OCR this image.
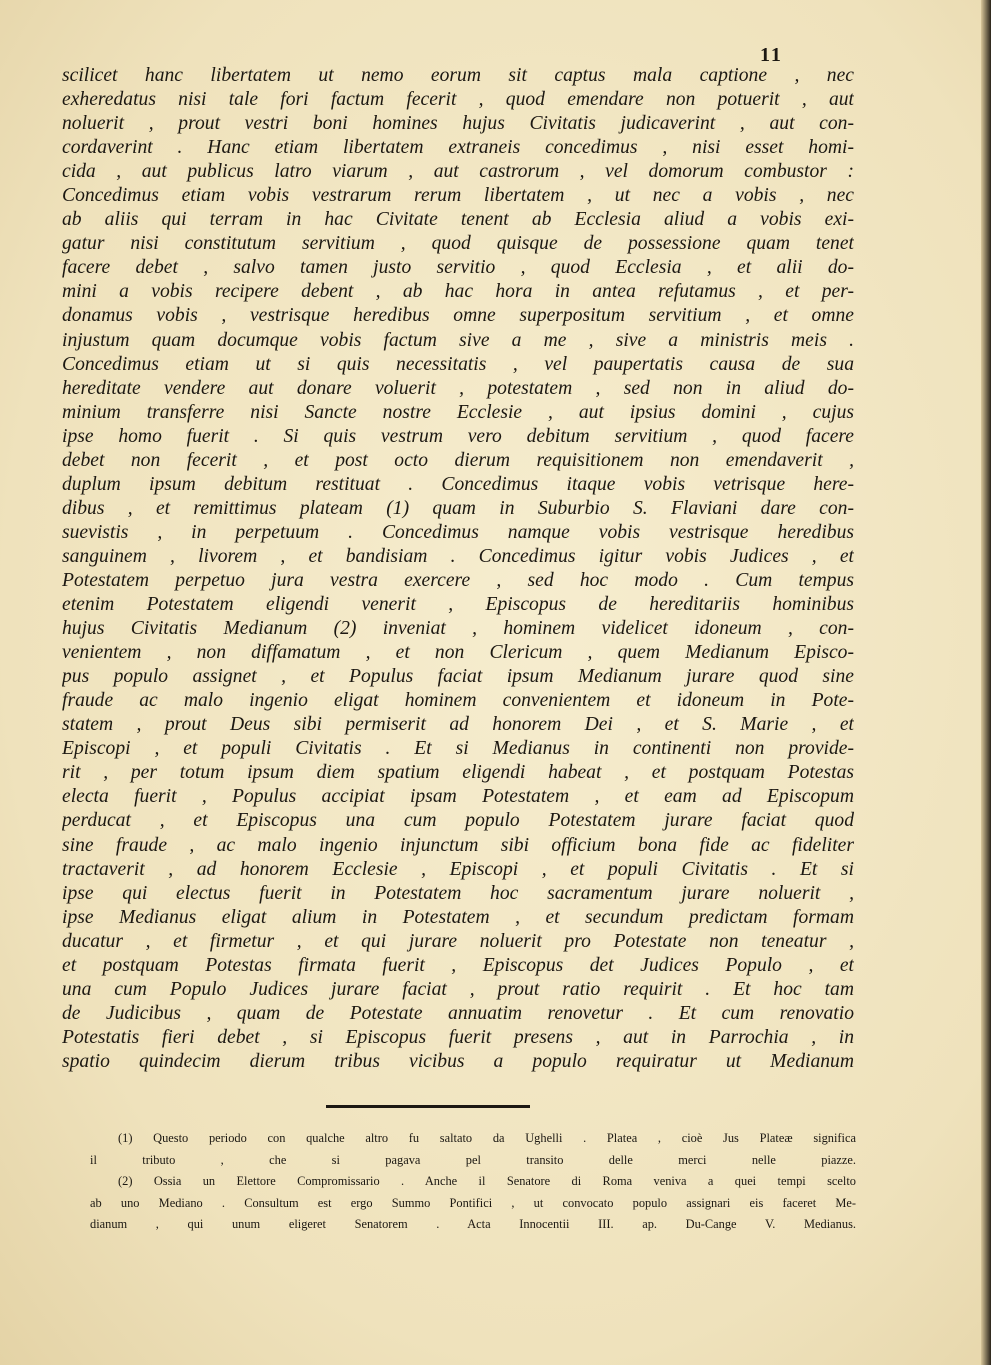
11
scilicet hanc libertatem ut nemo eorum sit captus mala captione , nec
exheredatus nisi tale fori factum fecerit , quod emendare non potuerit , aut
noluerit , prout vestri boni homines hujus Civitatis judicaverint , aut con-
cordaverint . Hanc etiam libertatem extraneis concedimus , nisi esset homi-
cida , aut publicus latro viarum , aut castrorum , vel domorum combustor :
Concedimus etiam vobis vestrarum rerum libertatem , ut nec a vobis , nec
ab aliis qui terram in hac Civitate tenent ab Ecclesia aliud a vobis exi-
gatur nisi constitutum servitium , quod quisque de possessione quam tenet
facere debet , salvo tamen justo servitio , quod Ecclesia , et alii do-
mini a vobis recipere debent , ab hac hora in antea refutamus , et per-
donamus vobis , vestrisque heredibus omne superpositum servitium , et omne
injustum quam documque vobis factum sive a me , sive a ministris meis .
Concedimus etiam ut si quis necessitatis , vel paupertatis causa de sua
hereditate vendere aut donare voluerit , potestatem , sed non in aliud do-
minium transferre nisi Sancte nostre Ecclesie , aut ipsius domini , cujus
ipse homo fuerit . Si quis vestrum vero debitum servitium , quod facere
debet non fecerit , et post octo dierum requisitionem non emendaverit ,
duplum ipsum debitum restituat . Concedimus itaque vobis vetrisque here-
dibus , et remittimus plateam (1) quam in Suburbio S. Flaviani dare con-
suevistis , in perpetuum . Concedimus namque vobis vestrisque heredibus
sanguinem , livorem , et bandisiam . Concedimus igitur vobis Judices , et
Potestatem perpetuo jura vestra exercere , sed hoc modo . Cum tempus
etenim Potestatem eligendi venerit , Episcopus de hereditariis hominibus
hujus Civitatis Medianum (2) inveniat , hominem videlicet idoneum , con-
venientem , non diffamatum , et non Clericum , quem Medianum Episco-
pus populo assignet , et Populus faciat ipsum Medianum jurare quod sine
fraude ac malo ingenio eligat hominem convenientem et idoneum in Pote-
statem , prout Deus sibi permiserit ad honorem Dei , et S. Marie , et
Episcopi , et populi Civitatis . Et si Medianus in continenti non provide-
rit , per totum ipsum diem spatium eligendi habeat , et postquam Potestas
electa fuerit , Populus accipiat ipsam Potestatem , et eam ad Episcopum
perducat , et Episcopus una cum populo Potestatem jurare faciat quod
sine fraude , ac malo ingenio injunctum sibi officium bona fide ac fideliter
tractaverit , ad honorem Ecclesie , Episcopi , et populi Civitatis . Et si
ipse qui electus fuerit in Potestatem hoc sacramentum jurare noluerit ,
ipse Medianus eligat alium in Potestatem , et secundum predictam formam
ducatur , et firmetur , et qui jurare noluerit pro Potestate non teneatur ,
et postquam Potestas firmata fuerit , Episcopus det Judices Populo , et
una cum Populo Judices jurare faciat , prout ratio requirit . Et hoc tam
de Judicibus , quam de Potestate annuatim renovetur . Et cum renovatio
Potestatis fieri debet , si Episcopus fuerit presens , aut in Parrochia , in
spatio quindecim dierum tribus vicibus a populo requiratur ut Medianum
(1) Questo periodo con qualche altro fu saltato da Ughelli . Platea , cioè Jus Plateæ significa
il tributo , che si pagava pel transito delle merci nelle piazze.
(2) Ossia un Elettore Compromissario . Anche il Senatore di Roma veniva a quei tempi scelto
ab uno Mediano . Consultum est ergo Summo Pontifici , ut convocato populo assignari eis faceret Me-
dianum , qui unum eligeret Senatorem . Acta Innocentii III. ap. Du-Cange V. Medianus.
